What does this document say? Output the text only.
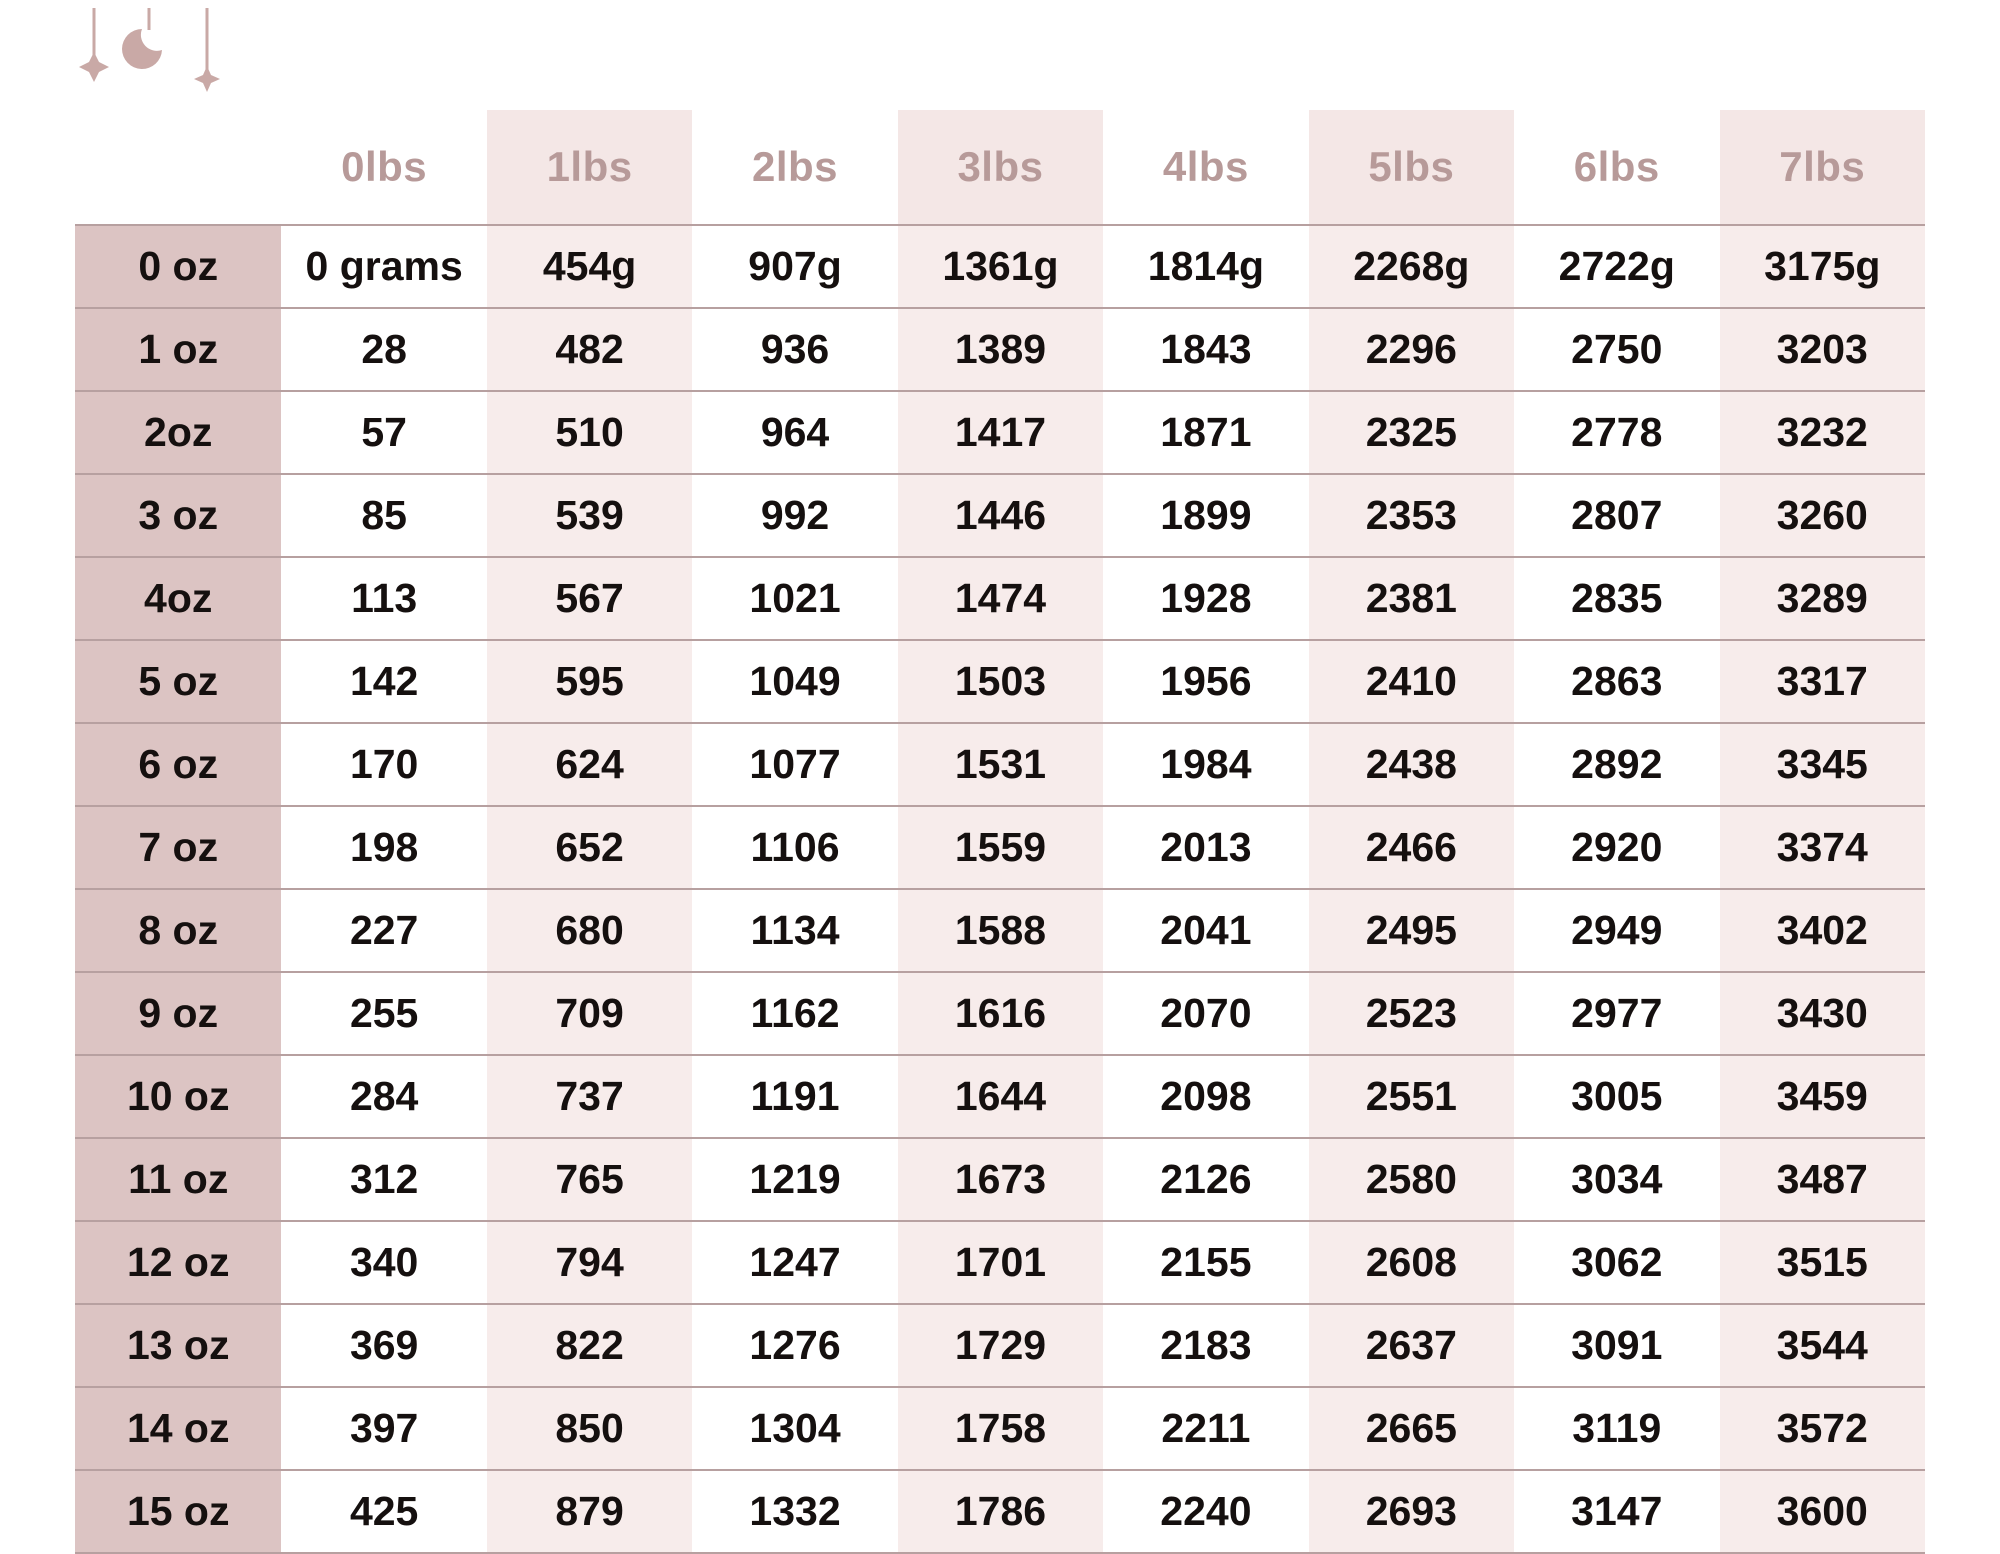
	0lbs	1lbs	2lbs	3lbs	4lbs	5lbs	6lbs	7lbs
0 oz	0 grams	454g	907g	1361g	1814g	2268g	2722g	3175g
1 oz	28	482	936	1389	1843	2296	2750	3203
2oz	57	510	964	1417	1871	2325	2778	3232
3 oz	85	539	992	1446	1899	2353	2807	3260
4oz	113	567	1021	1474	1928	2381	2835	3289
5 oz	142	595	1049	1503	1956	2410	2863	3317
6 oz	170	624	1077	1531	1984	2438	2892	3345
7 oz	198	652	1106	1559	2013	2466	2920	3374
8 oz	227	680	1134	1588	2041	2495	2949	3402
9 oz	255	709	1162	1616	2070	2523	2977	3430
10 oz	284	737	1191	1644	2098	2551	3005	3459
11 oz	312	765	1219	1673	2126	2580	3034	3487
12 oz	340	794	1247	1701	2155	2608	3062	3515
13 oz	369	822	1276	1729	2183	2637	3091	3544
14 oz	397	850	1304	1758	2211	2665	3119	3572
15 oz	425	879	1332	1786	2240	2693	3147	3600
